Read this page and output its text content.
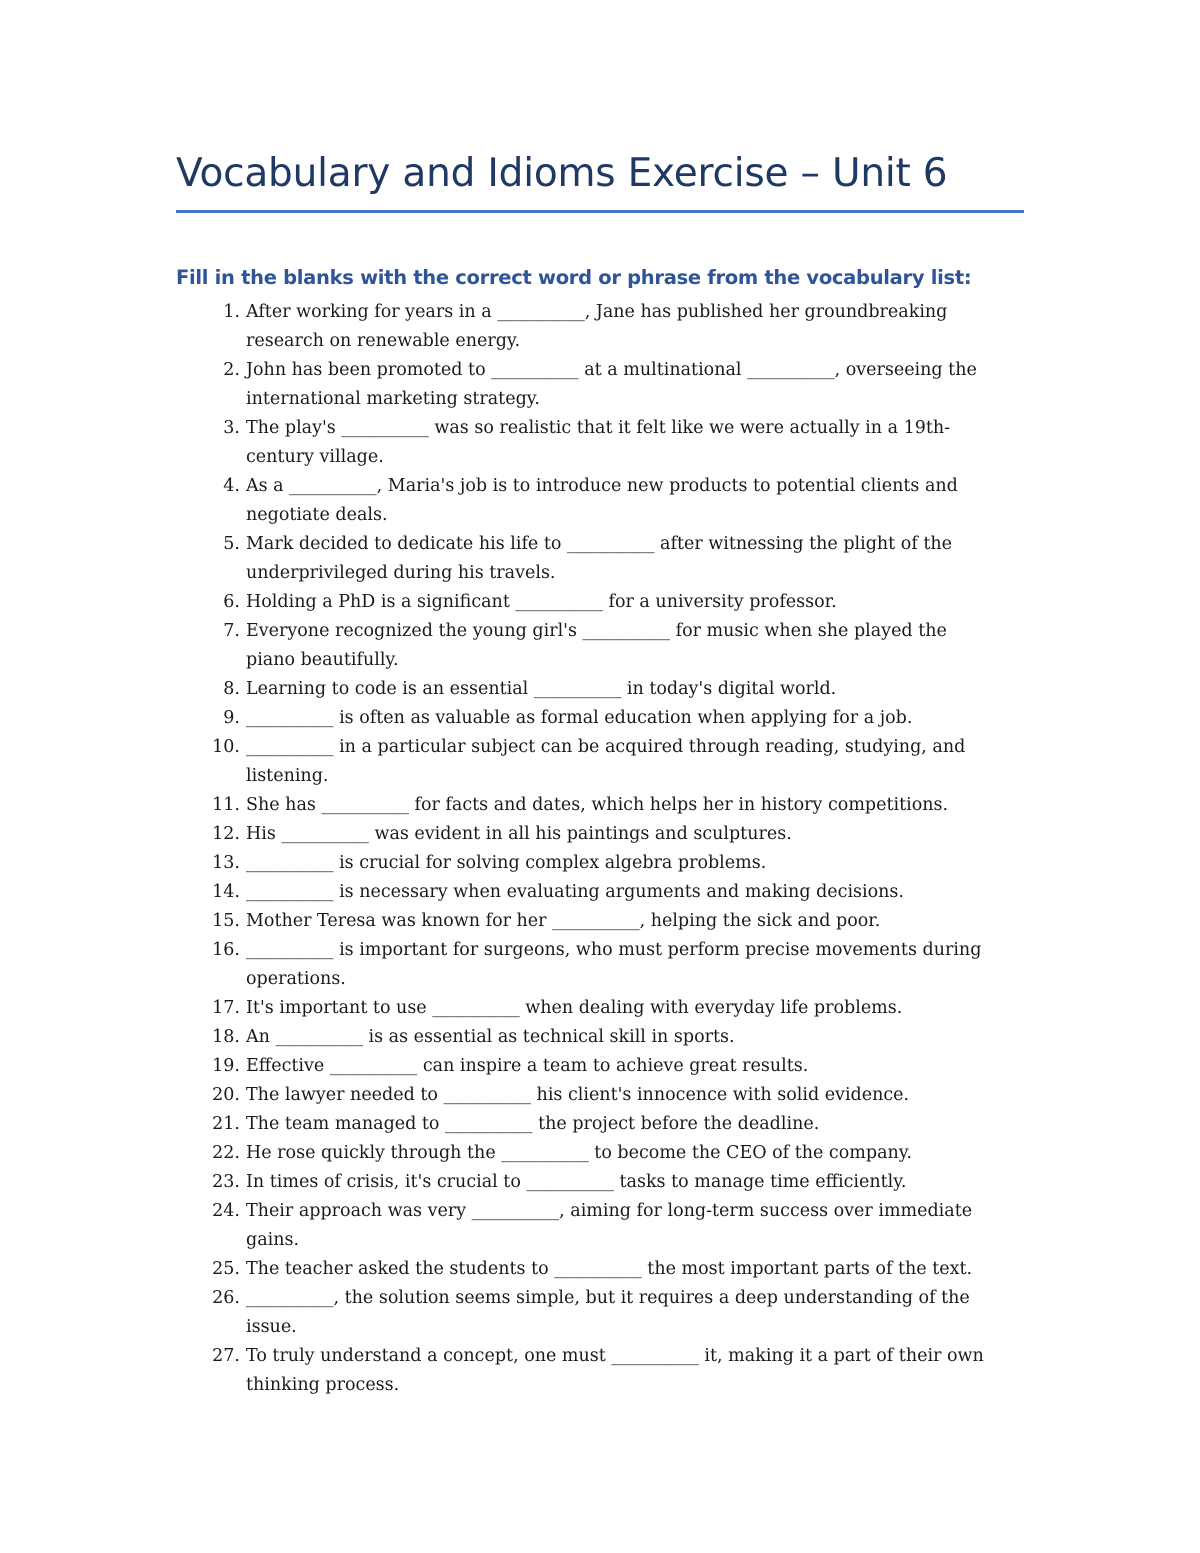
Vocabulary and Idioms Exercise – Unit 6
Fill in the blanks with the correct word or phrase from the vocabulary list:
1. After working for years in a __________, Jane has published her groundbreaking
research on renewable energy.
2. John has been promoted to __________ at a multinational __________, overseeing the
international marketing strategy.
3. The play's __________ was so realistic that it felt like we were actually in a 19th-
century village.
4. As a __________, Maria's job is to introduce new products to potential clients and
negotiate deals.
5. Mark decided to dedicate his life to __________ after witnessing the plight of the
underprivileged during his travels.
6. Holding a PhD is a significant __________ for a university professor.
7. Everyone recognized the young girl's __________ for music when she played the
piano beautifully.
8. Learning to code is an essential __________ in today's digital world.
9. __________ is often as valuable as formal education when applying for a job.
10. __________ in a particular subject can be acquired through reading, studying, and
listening.
11. She has __________ for facts and dates, which helps her in history competitions.
12. His __________ was evident in all his paintings and sculptures.
13. __________ is crucial for solving complex algebra problems.
14. __________ is necessary when evaluating arguments and making decisions.
15. Mother Teresa was known for her __________, helping the sick and poor.
16. __________ is important for surgeons, who must perform precise movements during
operations.
17. It's important to use __________ when dealing with everyday life problems.
18. An __________ is as essential as technical skill in sports.
19. Effective __________ can inspire a team to achieve great results.
20. The lawyer needed to __________ his client's innocence with solid evidence.
21. The team managed to __________ the project before the deadline.
22. He rose quickly through the __________ to become the CEO of the company.
23. In times of crisis, it's crucial to __________ tasks to manage time efficiently.
24. Their approach was very __________, aiming for long-term success over immediate
gains.
25. The teacher asked the students to __________ the most important parts of the text.
26. __________, the solution seems simple, but it requires a deep understanding of the
issue.
27. To truly understand a concept, one must __________ it, making it a part of their own
thinking process.
